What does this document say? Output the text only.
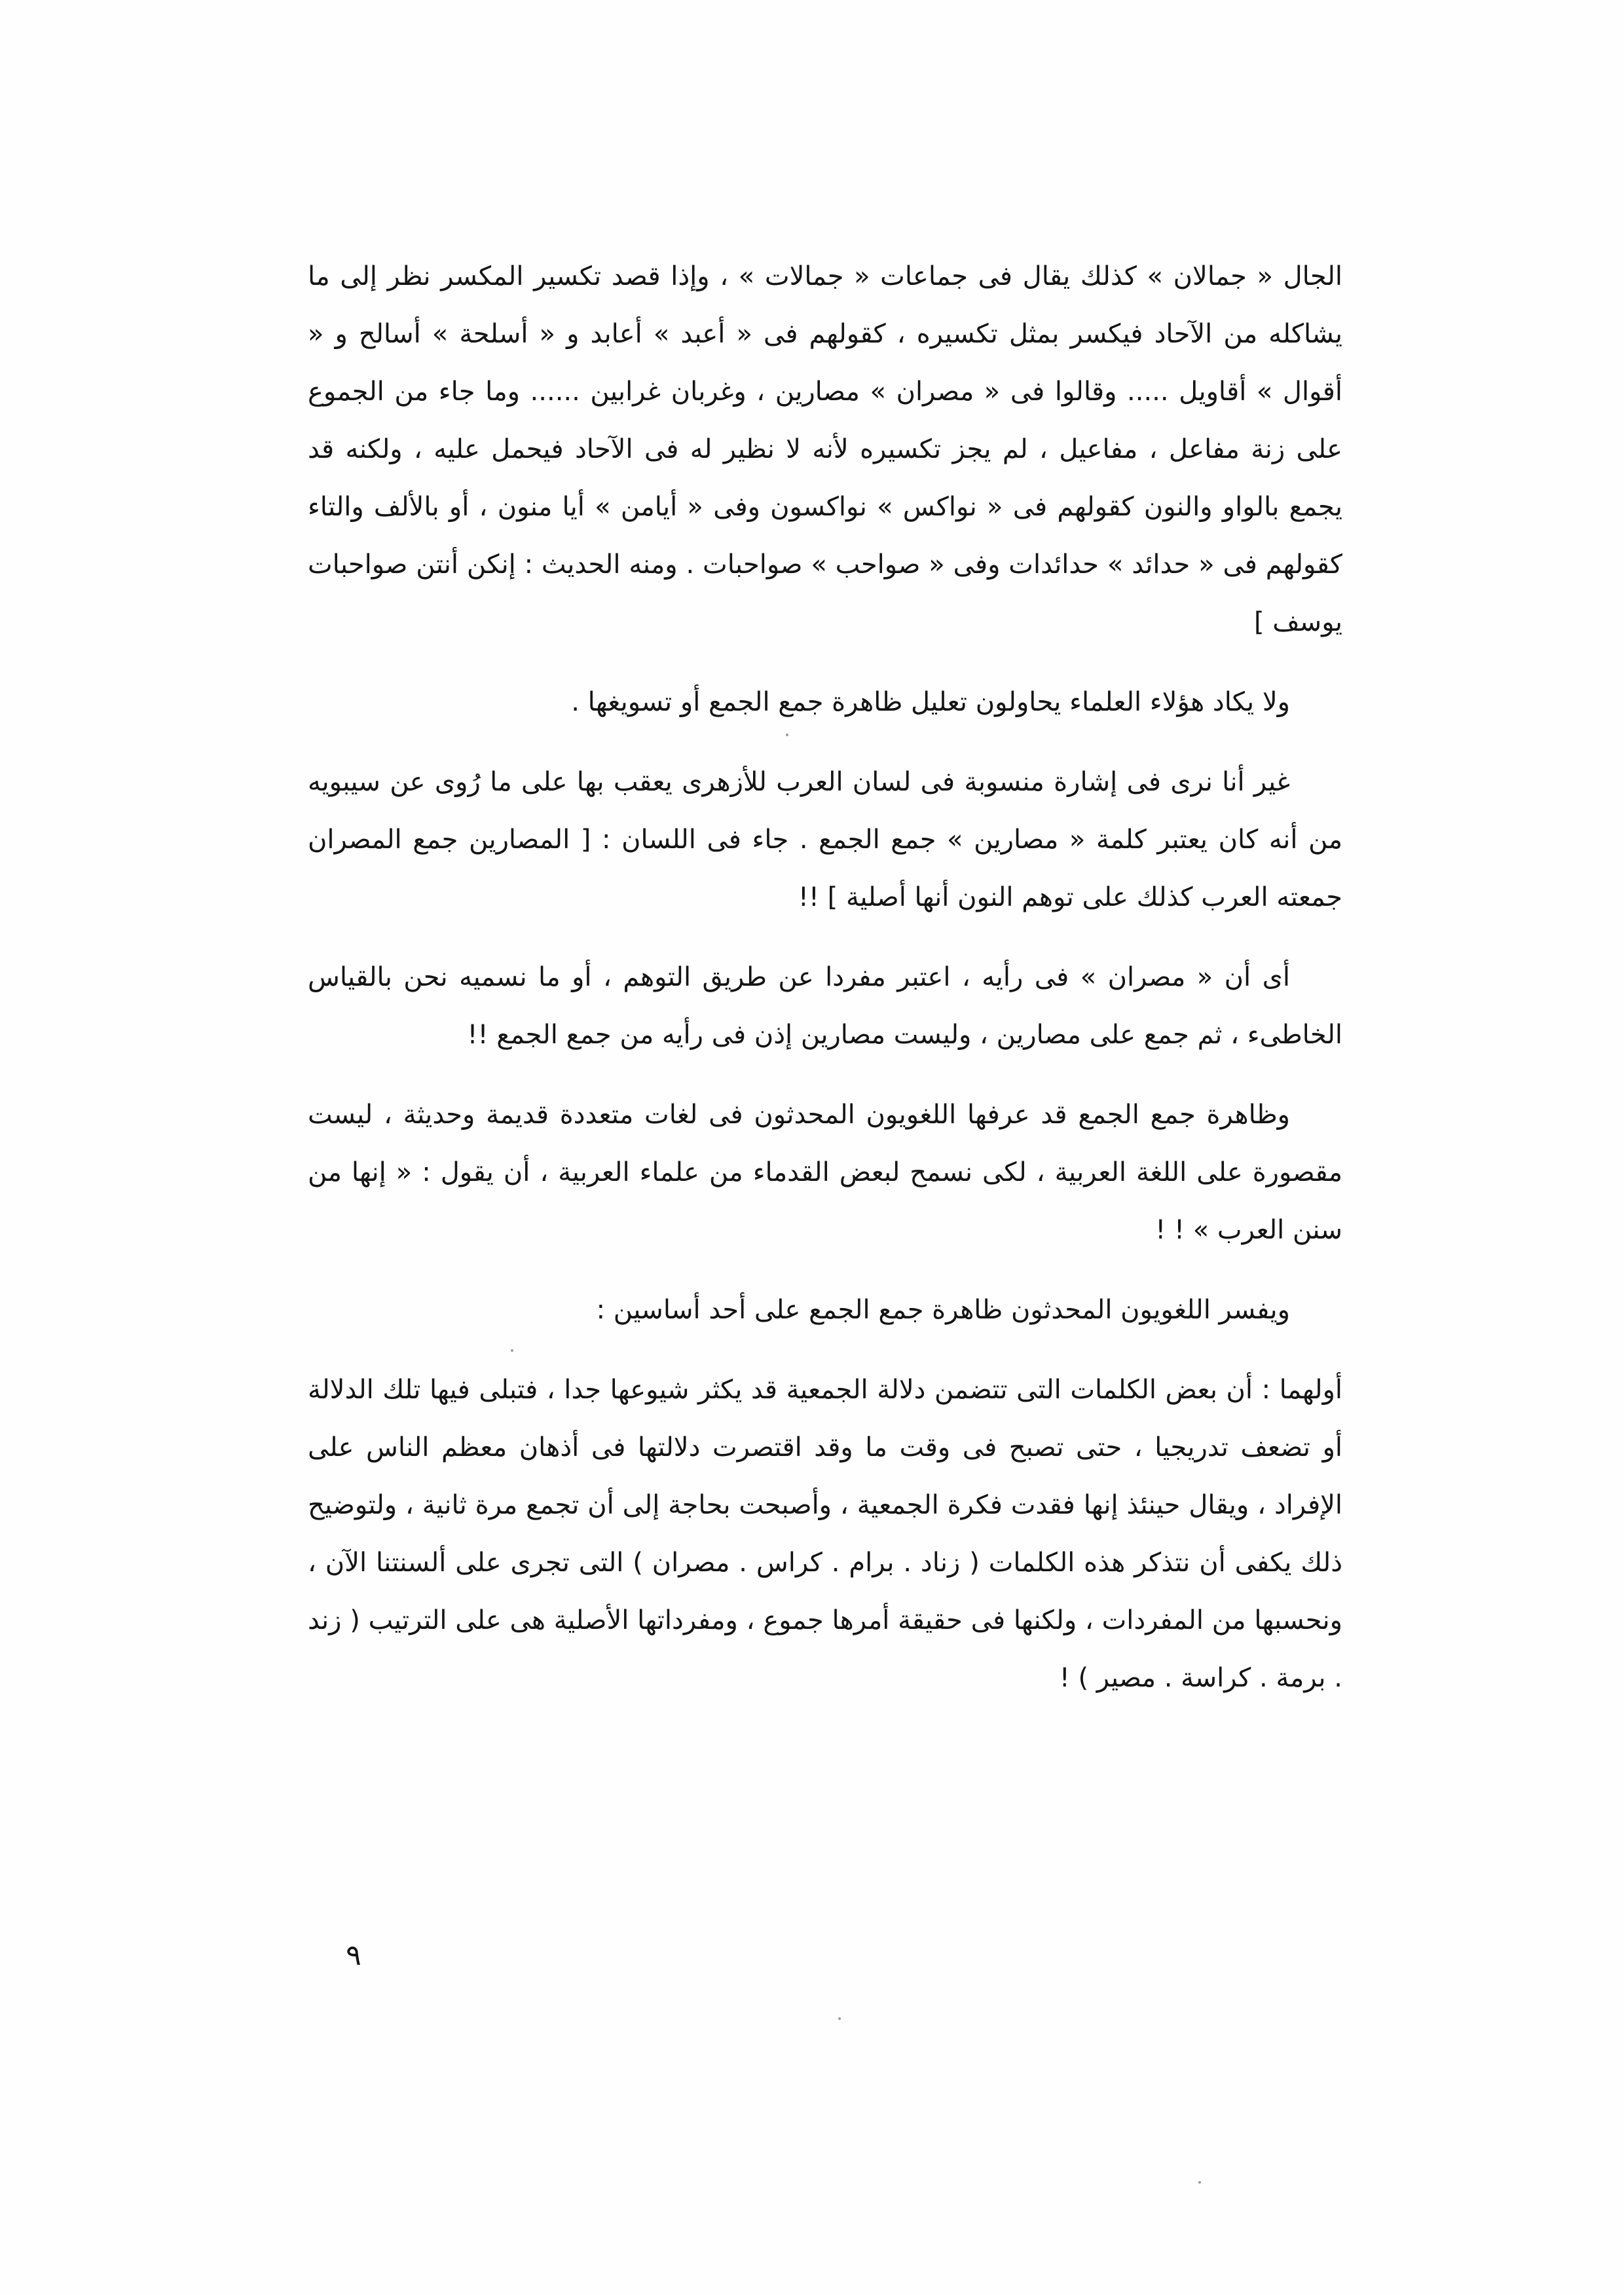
الجال « جمالان » كذلك يقال فى جماعات « جمالات » ، وإذا قصد تكسير المكسر نظر إلى ما يشاكله من الآحاد فيكسر بمثل تكسيره ، كقولهم فى « أعبد » أعابد و « أسلحة » أسالح و « أقوال » أقاويل ..... وقالوا فى « مصران » مصارين ، وغربان غرابين ...... وما جاء من الجموع على زنة مفاعل ، مفاعيل ، لم يجز تكسيره لأنه لا نظير له فى الآحاد فيحمل عليه ، ولكنه قد يجمع بالواو والنون كقولهم فى « نواكس » نواكسون وفى « أيامن » أيا منون ، أو بالألف والتاء كقولهم فى « حدائد » حدائدات وفى « صواحب » صواحبات . ومنه الحديث : إنكن أنتن صواحبات يوسف ]

ولا يكاد هؤلاء العلماء يحاولون تعليل ظاهرة جمع الجمع أو تسويغها .

غير أنا نرى فى إشارة منسوبة فى لسان العرب للأزهرى يعقب بها على ما رُوى عن سيبويه من أنه كان يعتبر كلمة « مصارين » جمع الجمع . جاء فى اللسان : [ المصارين جمع المصران جمعته العرب كذلك على توهم النون أنها أصلية ] !!

أى أن « مصران » فى رأيه ، اعتبر مفردا عن طريق التوهم ، أو ما نسميه نحن بالقياس الخاطىء ، ثم جمع على مصارين ، وليست مصارين إذن فى رأيه من جمع الجمع !!

وظاهرة جمع الجمع قد عرفها اللغويون المحدثون فى لغات متعددة قديمة وحديثة ، ليست مقصورة على اللغة العربية ، لكى نسمح لبعض القدماء من علماء العربية ، أن يقول : « إنها من سنن العرب » ! !

ويفسر اللغويون المحدثون ظاهرة جمع الجمع على أحد أساسين :

أولهما : أن بعض الكلمات التى تتضمن دلالة الجمعية قد يكثر شيوعها جدا ، فتبلى فيها تلك الدلالة أو تضعف تدريجيا ، حتى تصبح فى وقت ما وقد اقتصرت دلالتها فى أذهان معظم الناس على الإفراد ، ويقال حينئذ إنها فقدت فكرة الجمعية ، وأصبحت بحاجة إلى أن تجمع مرة ثانية ، ولتوضيح ذلك يكفى أن نتذكر هذه الكلمات ( زناد . برام . كراس . مصران ) التى تجرى على ألسنتنا الآن ، ونحسبها من المفردات ، ولكنها فى حقيقة أمرها جموع ، ومفرداتها الأصلية هى على الترتيب ( زند . برمة . كراسة . مصير ) !

٩
